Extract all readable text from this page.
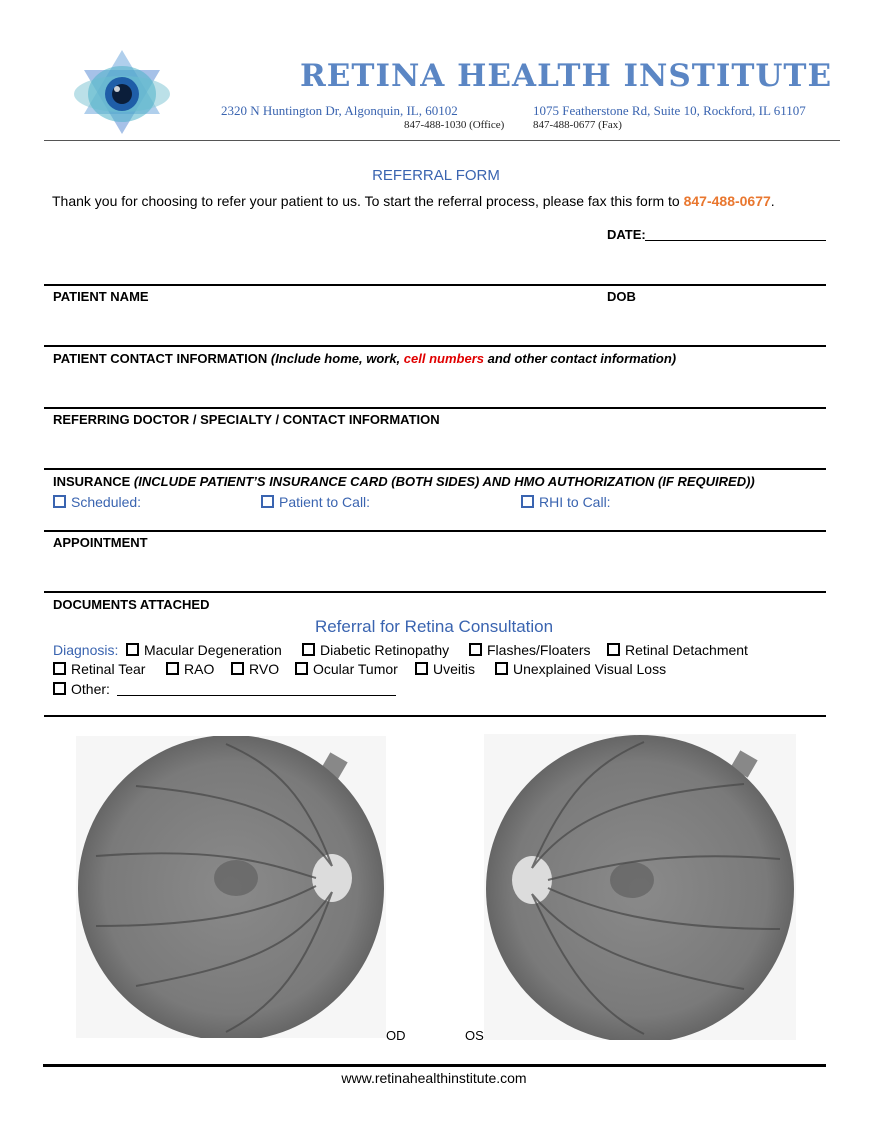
RETINA HEALTH INSTITUTE
2320 N Huntington Dr, Algonquin, IL, 60102
847-488-1030 (Office)
1075 Featherstone Rd, Suite 10, Rockford, IL 61107
847-488-0677 (Fax)
REFERRAL FORM
Thank you for choosing to refer your patient to us. To start the referral process, please fax this form to 847-488-0677.
DATE:
PATIENT NAME	DOB
PATIENT CONTACT INFORMATION (Include home, work, cell numbers and other contact information)
REFERRING DOCTOR / SPECIALTY / CONTACT INFORMATION
INSURANCE (INCLUDE PATIENT’S INSURANCE CARD (BOTH SIDES) AND HMO AUTHORIZATION (IF REQUIRED))
Scheduled:	Patient to Call:	RHI to Call:
APPOINTMENT
DOCUMENTS ATTACHED
Referral for Retina Consultation
Diagnosis:	Macular Degeneration	Diabetic Retinopathy	Flashes/Floaters	Retinal Detachment
Retinal Tear	RAO	RVO	Ocular Tumor	Uveitis	Unexplained Visual Loss
Other:
OD	OS
www.retinahealthinstitute.com
